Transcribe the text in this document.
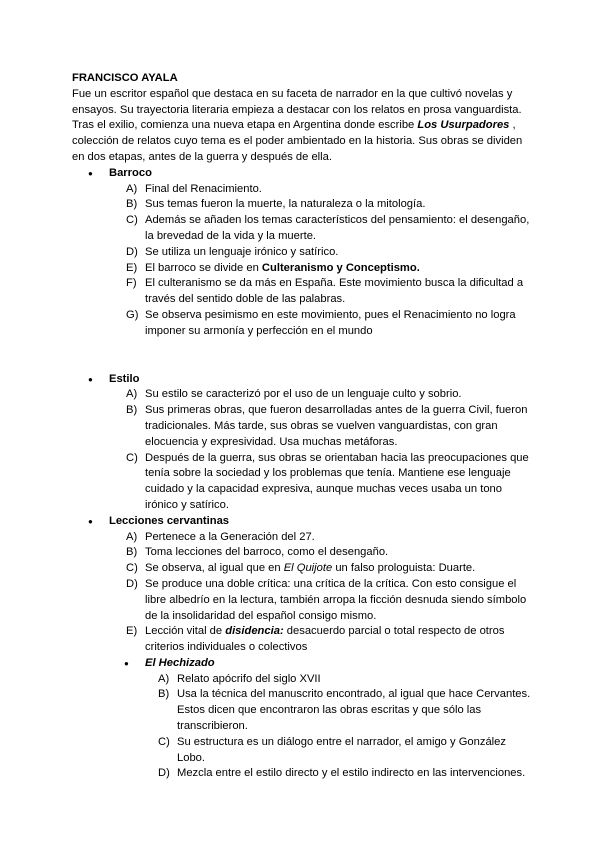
FRANCISCO AYALA

Fue un escritor español que destaca en su faceta de narrador en la que cultivó novelas y ensayos. Su trayectoria literaria empieza a destacar con los relatos en prosa vanguardista. Tras el exilio, comienza una nueva etapa en Argentina donde escribe Los Usurpadores , colección de relatos cuyo tema es el poder ambientado en la historia. Sus obras se dividen en dos etapas, antes de la guerra y después de ella.

● Barroco
A) Final del Renacimiento.
B) Sus temas fueron la muerte, la naturaleza o la mitología.
C) Además se añaden los temas característicos del pensamiento: el desengaño, la brevedad de la vida y la muerte.
D) Se utiliza un lenguaje irónico y satírico.
E) El barroco se divide en Culteranismo y Conceptismo.
F) El culteranismo se da más en España. Este movimiento busca la dificultad a través del sentido doble de las palabras.
G) Se observa pesimismo en este movimiento, pues el Renacimiento no logra imponer su armonía y perfección en el mundo
● Estilo
A) Su estilo se caracterizó por el uso de un lenguaje culto y sobrio.
B) Sus primeras obras, que fueron desarrolladas antes de la guerra Civil, fueron tradicionales. Más tarde, sus obras se vuelven vanguardistas, con gran elocuencia y expresividad. Usa muchas metáforas.
C) Después de la guerra, sus obras se orientaban hacia las preocupaciones que tenía sobre la sociedad y los problemas que tenía. Mantiene ese lenguaje cuidado y la capacidad expresiva, aunque muchas veces usaba un tono irónico y satírico.
● Lecciones cervantinas
A) Pertenece a la Generación del 27.
B) Toma lecciones del barroco, como el desengaño.
C) Se observa, al igual que en El Quijote un falso prologuista: Duarte.
D) Se produce una doble crítica: una crítica de la crítica. Con esto consigue el libre albedrío en la lectura, también arropa la ficción desnuda siendo símbolo de la insolidaridad del español consigo mismo.
E) Lección vital de disidencia: desacuerdo parcial o total respecto de otros criterios individuales o colectivos
● El Hechizado
A) Relato apócrifo del siglo XVII
B) Usa la técnica del manuscrito encontrado, al igual que hace Cervantes. Estos dicen que encontraron las obras escritas y que sólo las transcribieron.
C) Su estructura es un diálogo entre el narrador, el amigo y González Lobo.
D) Mezcla entre el estilo directo y el estilo indirecto en las intervenciones.
